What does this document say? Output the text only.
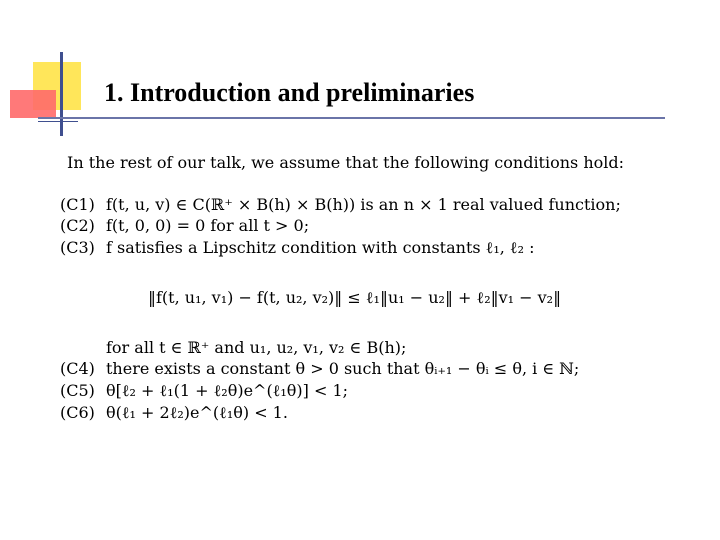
1. Introduction and preliminaries
In the rest of our talk, we assume that the following conditions hold:
(C1) f(t, u, v) ∈ C(ℝ⁺ × B(h) × B(h)) is an n × 1 real valued function;
(C2) f(t, 0, 0) = 0 for all t > 0;
(C3) f satisfies a Lipschitz condition with constants ℓ₁, ℓ₂ :
‖f(t, u₁, v₁) − f(t, u₂, v₂)‖ ≤ ℓ₁‖u₁ − u₂‖ + ℓ₂‖v₁ − v₂‖
for all t ∈ ℝ⁺ and u₁, u₂, v₁, v₂ ∈ B(h);
(C4) there exists a constant θ > 0 such that θᵢ₊₁ − θᵢ ≤ θ, i ∈ ℕ;
(C5) θ[ℓ₂ + ℓ₁(1 + ℓ₂θ)e^(ℓ₁θ)] < 1;
(C6) θ(ℓ₁ + 2ℓ₂)e^(ℓ₁θ) < 1.
